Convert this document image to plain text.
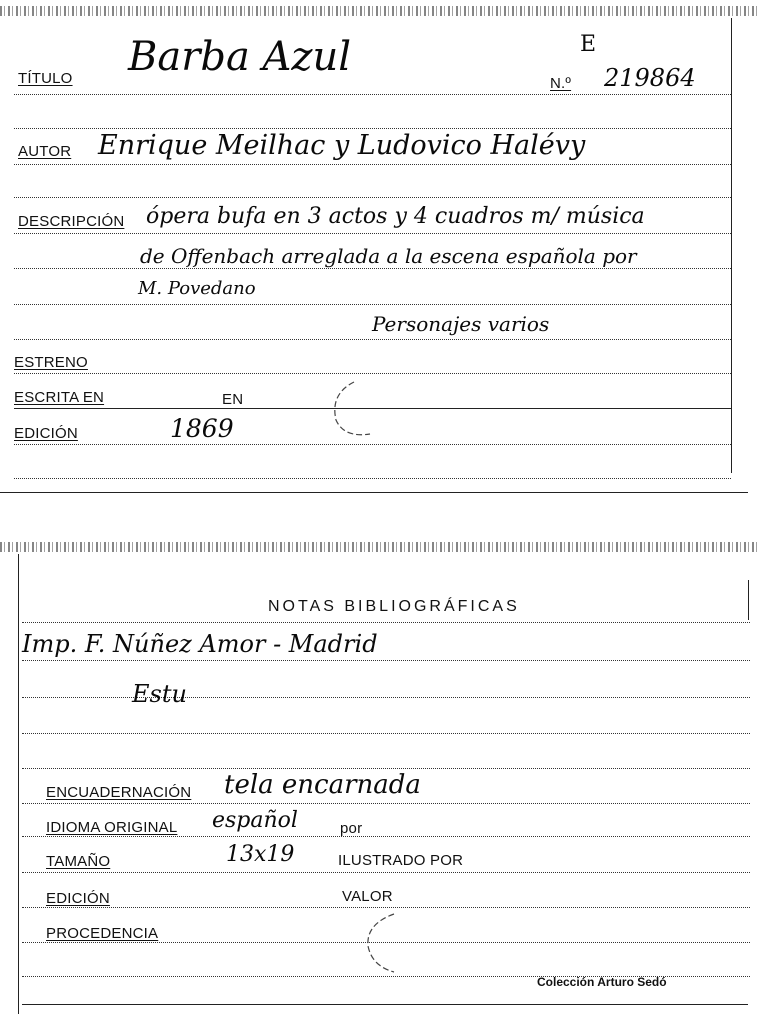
TÍTULO Barba Azul
N.º 219864
E
AUTOR Enrique Meilhac y Ludovico Halévy
DESCRIPCIÓN ópera bufa en 3 actos y 4 cuadros m/ música
de Offenbach arreglada a la escena española por
M. Povedano
Personajes varios
ESTRENO
ESCRITA EN	EN
EDICIÓN	1869
NOTAS BIBLIOGRÁFICAS
Imp. F. Núñez Amor - Madrid
Estu
ENCUADERNACIÓN tela encarnada
IDIOMA ORIGINAL español	por
TAMAÑO	13x19	ILUSTRADO POR
EDICIÓN	VALOR
PROCEDENCIA
Colección Arturo Sedó
